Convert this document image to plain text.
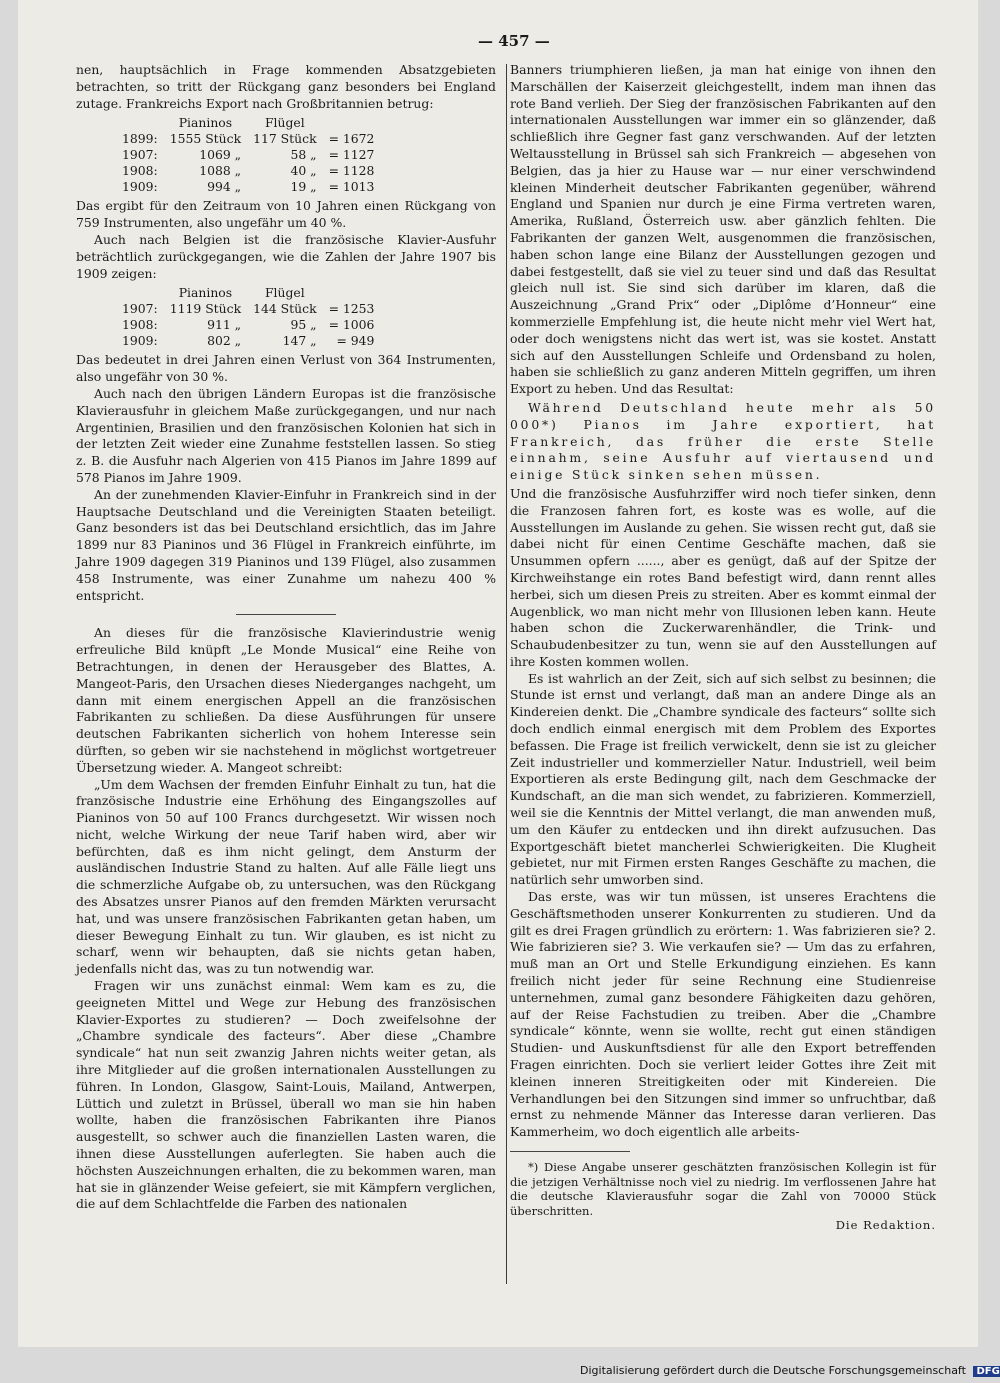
— 457 —

nen, hauptsächlich in Frage kommenden Absatzgebieten betrachten, so tritt der Rückgang ganz besonders bei England zutage. Frankreichs Export nach Großbritannien betrug:

	Pianinos	Flügel	
1899:	1555 Stück	117 Stück	= 1672
1907:	1069 „	58 „	= 1127
1908:	1088 „	40 „	= 1128
1909:	994 „	19 „	= 1013

Das ergibt für den Zeitraum von 10 Jahren einen Rückgang von 759 Instrumenten, also ungefähr um 40 %.

Auch nach Belgien ist die französische Klavier-Ausfuhr beträchtlich zurückgegangen, wie die Zahlen der Jahre 1907 bis 1909 zeigen:

	Pianinos	Flügel	
1907:	1119 Stück	144 Stück	= 1253
1908:	911 „	95 „	= 1006
1909:	802 „	147 „	= 949

Das bedeutet in drei Jahren einen Verlust von 364 Instrumenten, also ungefähr von 30 %.

Auch nach den übrigen Ländern Europas ist die französische Klavierausfuhr in gleichem Maße zurückgegangen, und nur nach Argentinien, Brasilien und den französischen Kolonien hat sich in der letzten Zeit wieder eine Zunahme feststellen lassen. So stieg z. B. die Ausfuhr nach Algerien von 415 Pianos im Jahre 1899 auf 578 Pianos im Jahre 1909.

An der zunehmenden Klavier-Einfuhr in Frankreich sind in der Hauptsache Deutschland und die Vereinigten Staaten beteiligt. Ganz besonders ist das bei Deutschland ersichtlich, das im Jahre 1899 nur 83 Pianinos und 36 Flügel in Frankreich einführte, im Jahre 1909 dagegen 319 Pianinos und 139 Flügel, also zusammen 458 Instrumente, was einer Zunahme um nahezu 400 % entspricht.

An dieses für die französische Klavierindustrie wenig erfreuliche Bild knüpft „Le Monde Musical“ eine Reihe von Betrachtungen, in denen der Herausgeber des Blattes, A. Mangeot-Paris, den Ursachen dieses Niederganges nachgeht, um dann mit einem energischen Appell an die französischen Fabrikanten zu schließen. Da diese Ausführungen für unsere deutschen Fabrikanten sicherlich von hohem Interesse sein dürften, so geben wir sie nachstehend in möglichst wortgetreuer Übersetzung wieder. A. Mangeot schreibt:

„Um dem Wachsen der fremden Einfuhr Einhalt zu tun, hat die französische Industrie eine Erhöhung des Eingangszolles auf Pianinos von 50 auf 100 Francs durchgesetzt. Wir wissen noch nicht, welche Wirkung der neue Tarif haben wird, aber wir befürchten, daß es ihm nicht gelingt, dem Ansturm der ausländischen Industrie Stand zu halten. Auf alle Fälle liegt uns die schmerzliche Aufgabe ob, zu untersuchen, was den Rückgang des Absatzes unsrer Pianos auf den fremden Märkten verursacht hat, und was unsere französischen Fabrikanten getan haben, um dieser Bewegung Einhalt zu tun. Wir glauben, es ist nicht zu scharf, wenn wir behaupten, daß sie nichts getan haben, jedenfalls nicht das, was zu tun notwendig war.

Fragen wir uns zunächst einmal: Wem kam es zu, die geeigneten Mittel und Wege zur Hebung des französischen Klavier-Exportes zu studieren? — Doch zweifelsohne der „Chambre syndicale des facteurs“. Aber diese „Chambre syndicale“ hat nun seit zwanzig Jahren nichts weiter getan, als ihre Mitglieder auf die großen internationalen Ausstellungen zu führen. In London, Glasgow, Saint-Louis, Mailand, Antwerpen, Lüttich und zuletzt in Brüssel, überall wo man sie hin haben wollte, haben die französischen Fabrikanten ihre Pianos ausgestellt, so schwer auch die finanziellen Lasten waren, die ihnen diese Ausstellungen auferlegten. Sie haben auch die höchsten Auszeichnungen erhalten, die zu bekommen waren, man hat sie in glänzender Weise gefeiert, sie mit Kämpfern verglichen, die auf dem Schlachtfelde die Farben des nationalen

Banners triumphieren ließen, ja man hat einige von ihnen den Marschällen der Kaiserzeit gleichgestellt, indem man ihnen das rote Band verlieh. Der Sieg der französischen Fabrikanten auf den internationalen Ausstellungen war immer ein so glänzender, daß schließlich ihre Gegner fast ganz verschwanden. Auf der letzten Weltausstellung in Brüssel sah sich Frankreich — abgesehen von Belgien, das ja hier zu Hause war — nur einer verschwindend kleinen Minderheit deutscher Fabrikanten gegenüber, während England und Spanien nur durch je eine Firma vertreten waren, Amerika, Rußland, Österreich usw. aber gänzlich fehlten. Die Fabrikanten der ganzen Welt, ausgenommen die französischen, haben schon lange eine Bilanz der Ausstellungen gezogen und dabei festgestellt, daß sie viel zu teuer sind und daß das Resultat gleich null ist. Sie sind sich darüber im klaren, daß die Auszeichnung „Grand Prix“ oder „Diplôme d’Honneur“ eine kommerzielle Empfehlung ist, die heute nicht mehr viel Wert hat, oder doch wenigstens nicht das wert ist, was sie kostet. Anstatt sich auf den Ausstellungen Schleife und Ordensband zu holen, haben sie schließlich zu ganz anderen Mitteln gegriffen, um ihren Export zu heben. Und das Resultat:

Während Deutschland heute mehr als 50 000*) Pianos im Jahre exportiert, hat Frankreich, das früher die erste Stelle einnahm, seine Ausfuhr auf viertausend und einige Stück sinken sehen müssen.

Und die französische Ausfuhrziffer wird noch tiefer sinken, denn die Franzosen fahren fort, es koste was es wolle, auf die Ausstellungen im Auslande zu gehen. Sie wissen recht gut, daß sie dabei nicht für einen Centime Geschäfte machen, daß sie Unsummen opfern ......, aber es genügt, daß auf der Spitze der Kirchweihstange ein rotes Band befestigt wird, dann rennt alles herbei, sich um diesen Preis zu streiten. Aber es kommt einmal der Augenblick, wo man nicht mehr von Illusionen leben kann. Heute haben schon die Zuckerwarenhändler, die Trink- und Schaubudenbesitzer zu tun, wenn sie auf den Ausstellungen auf ihre Kosten kommen wollen.

Es ist wahrlich an der Zeit, sich auf sich selbst zu besinnen; die Stunde ist ernst und verlangt, daß man an andere Dinge als an Kindereien denkt. Die „Chambre syndicale des facteurs“ sollte sich doch endlich einmal energisch mit dem Problem des Exportes befassen. Die Frage ist freilich verwickelt, denn sie ist zu gleicher Zeit industrieller und kommerzieller Natur. Industriell, weil beim Exportieren als erste Bedingung gilt, nach dem Geschmacke der Kundschaft, an die man sich wendet, zu fabrizieren. Kommerziell, weil sie die Kenntnis der Mittel verlangt, die man anwenden muß, um den Käufer zu entdecken und ihn direkt aufzusuchen. Das Exportgeschäft bietet mancherlei Schwierigkeiten. Die Klugheit gebietet, nur mit Firmen ersten Ranges Geschäfte zu machen, die natürlich sehr umworben sind.

Das erste, was wir tun müssen, ist unseres Erachtens die Geschäftsmethoden unserer Konkurrenten zu studieren. Und da gilt es drei Fragen gründlich zu erörtern: 1. Was fabrizieren sie? 2. Wie fabrizieren sie? 3. Wie verkaufen sie? — Um das zu erfahren, muß man an Ort und Stelle Erkundigung einziehen. Es kann freilich nicht jeder für seine Rechnung eine Studienreise unternehmen, zumal ganz besondere Fähigkeiten dazu gehören, auf der Reise Fachstudien zu treiben. Aber die „Chambre syndicale“ könnte, wenn sie wollte, recht gut einen ständigen Studien- und Auskunftsdienst für alle den Export betreffenden Fragen einrichten. Doch sie verliert leider Gottes ihre Zeit mit kleinen inneren Streitigkeiten oder mit Kindereien. Die Verhandlungen bei den Sitzungen sind immer so unfruchtbar, daß ernst zu nehmende Männer das Interesse daran verlieren. Das Kammerheim, wo doch eigentlich alle arbeits-

*) Diese Angabe unserer geschätzten französischen Kollegin ist für die jetzigen Verhältnisse noch viel zu niedrig. Im verflossenen Jahre hat die deutsche Klavierausfuhr sogar die Zahl von 70000 Stück überschritten.
Die Redaktion.

Digitalisierung gefördert durch die Deutsche Forschungsgemeinschaft DFG
